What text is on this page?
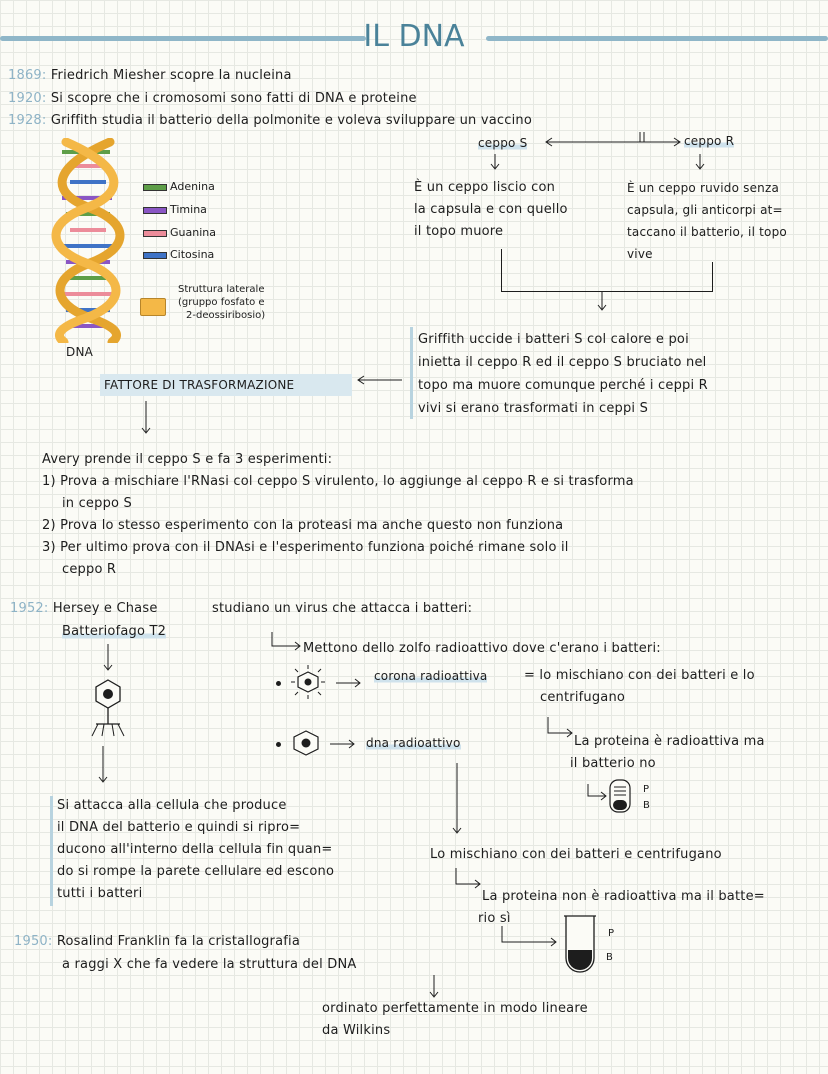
IL DNA
1869: Friedrich Miesher scopre la nucleina
1920: Si scopre che i cromosomi sono fatti di DNA e proteine
1928: Griffith studia il batterio della polmonite e voleva sviluppare un vaccino
DNA
Adenina
Timina
Guanina
Citosina
Struttura laterale
(gruppo fosfato e
2-deossiribosio)
ceppo S	ceppo R
È un ceppo liscio con
la capsula e con quello
il topo muore
È un ceppo ruvido senza
capsula, gli anticorpi at=
taccano il batterio, il topo
vive
Griffith uccide i batteri S col calore e poi
inietta il ceppo R ed il ceppo S bruciato nel
topo ma muore comunque perché i ceppi R
vivi si erano trasformati in ceppi S
FATTORE DI TRASFORMAZIONE
Avery prende il ceppo S e fa 3 esperimenti:
1) Prova a mischiare l'RNasi col ceppo S virulento, lo aggiunge al ceppo R e si trasforma
in ceppo S
2) Prova lo stesso esperimento con la proteasi ma anche questo non funziona
3) Per ultimo prova con il DNAsi e l'esperimento funziona poiché rimane solo il
ceppo R
1952: Hersey e Chase
Batteriofago T2
studiano un virus che attacca i batteri:
Mettono dello zolfo radioattivo dove c'erano i batteri:
corona radioattiva	= lo mischiano con dei batteri e lo
centrifugano
La proteina è radioattiva ma
il batterio no
P
B
dna radioattivo
Lo mischiano con dei batteri e centrifugano
La proteina non è radioattiva ma il batte=
rio sì
P
B
Si attacca alla cellula che produce
il DNA del batterio e quindi si ripro=
ducono all'interno della cellula fin quan=
do si rompe la parete cellulare ed escono
tutti i batteri
1950: Rosalind Franklin fa la cristallografia
a raggi X che fa vedere la struttura del DNA
ordinato perfettamente in modo lineare
da Wilkins
